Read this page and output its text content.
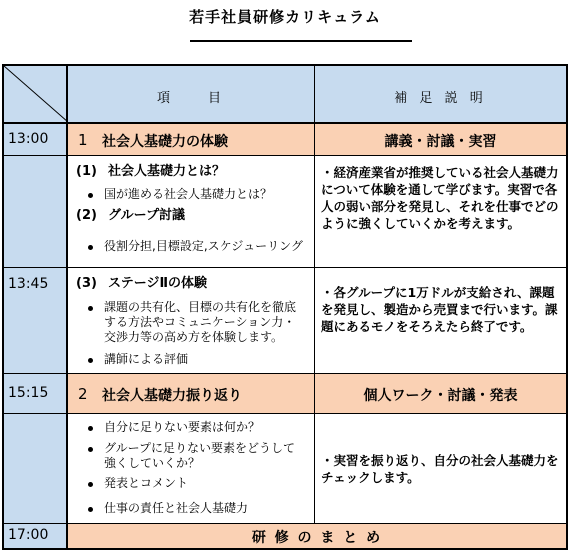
若手社員研修カリキュラム
項　　目	補 足 説 明
13:00 1 社会人基礎力の体験	講義・討議・実習
(1) 社会人基礎力とは？
国が進める社会人基礎力とは？
(2) グループ討議
役割分担,目標設定,スケジューリング
・経済産業省が推奨している社会人基礎力について体験を通して学びます。実習で各人の弱い部分を発見し、それを仕事でどのように強くしていくかを考えます。
13:45 (3) ステージⅡの体験
課題の共有化、目標の共有化を徹底する方法やコミュニケーション力・交渉力等の高め方を体験します。
講師による評価
・各グループに1万ドルが支給され、課題を発見し、製造から売買まで行います。課題にあるモノをそろえたら終了です。
15:15 2 社会人基礎力振り返り	個人ワーク・討議・発表
自分に足りない要素は何か？
グループに足りない要素をどうして強くしていくか？
発表とコメント
仕事の責任と社会人基礎力
・実習を振り返り、自分の社会人基礎力をチェックします。
17:00	研 修 の ま と め
